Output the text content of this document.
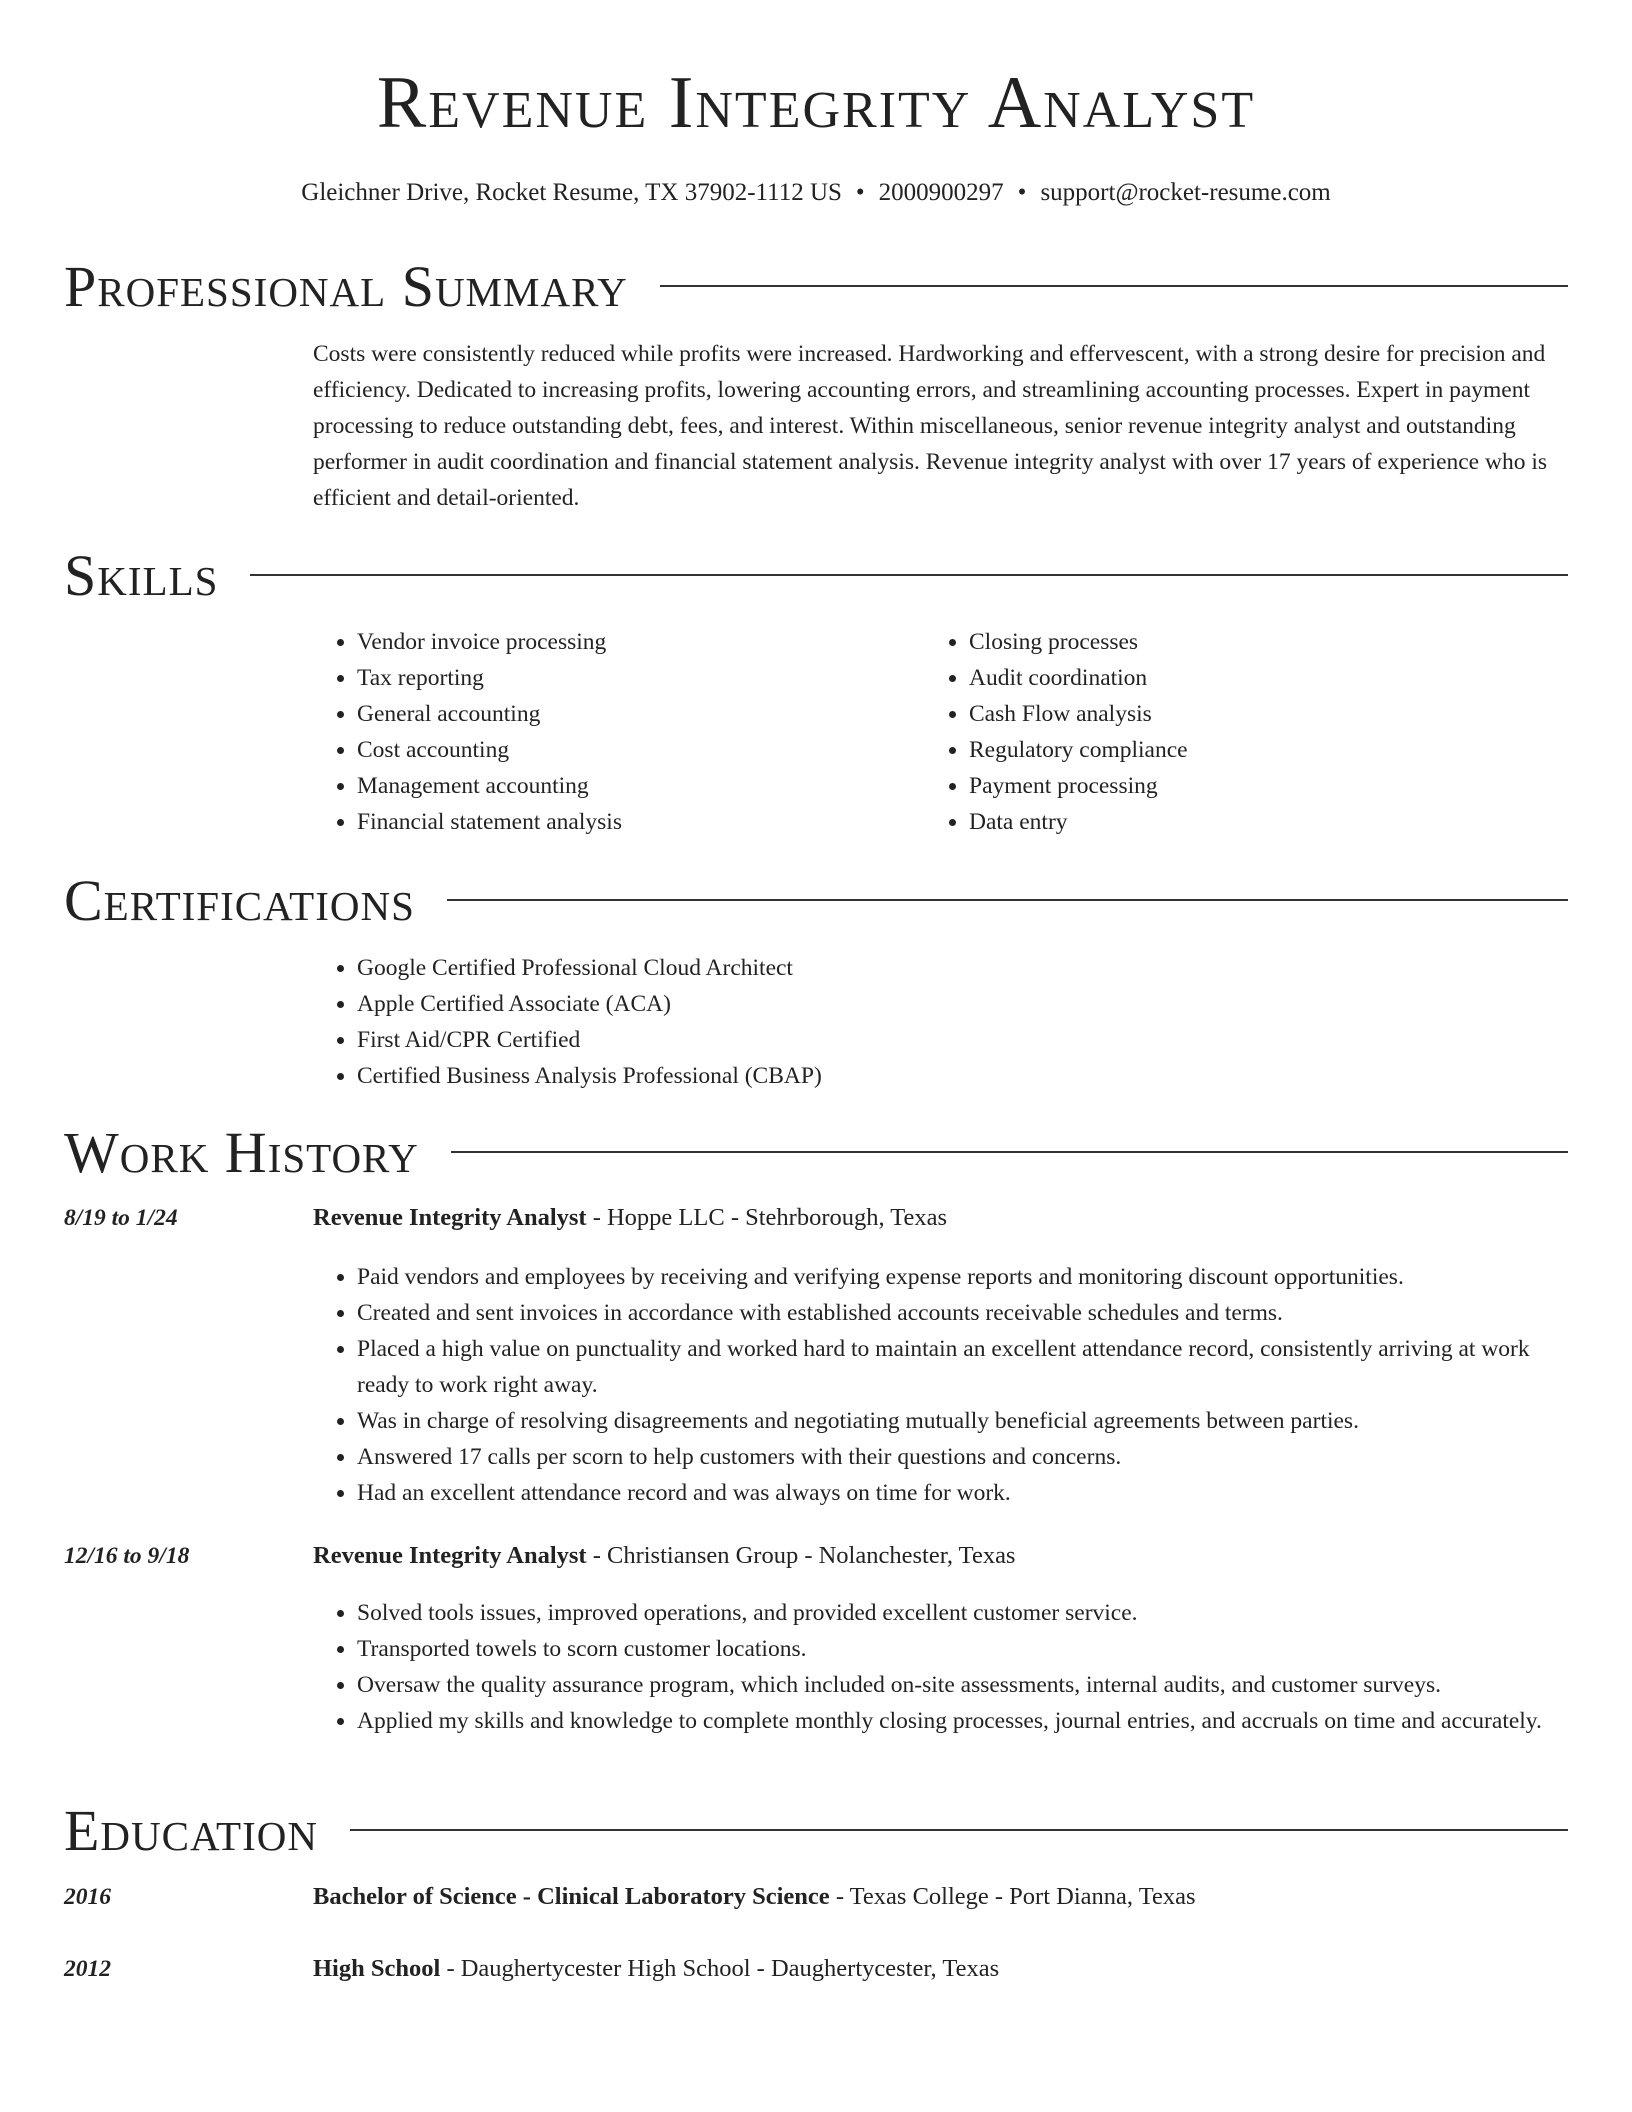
Revenue Integrity Analyst
Gleichner Drive, Rocket Resume, TX 37902-1112 US • 2000900297 • support@rocket-resume.com
Professional Summary

Costs were consistently reduced while profits were increased. Hardworking and effervescent, with a strong desire for precision and efficiency. Dedicated to increasing profits, lowering accounting errors, and streamlining accounting processes. Expert in payment processing to reduce outstanding debt, fees, and interest. Within miscellaneous, senior revenue integrity analyst and outstanding performer in audit coordination and financial statement analysis. Revenue integrity analyst with over 17 years of experience who is efficient and detail-oriented.

Skills
• Vendor invoice processing
• Tax reporting
• General accounting
• Cost accounting
• Management accounting
• Financial statement analysis
• Closing processes
• Audit coordination
• Cash Flow analysis
• Regulatory compliance
• Payment processing
• Data entry
Certifications
• Google Certified Professional Cloud Architect
• Apple Certified Associate (ACA)
• First Aid/CPR Certified
• Certified Business Analysis Professional (CBAP)
Work History
8/19 to 1/24	Revenue Integrity Analyst - Hoppe LLC - Stehrborough, Texas
• Paid vendors and employees by receiving and verifying expense reports and monitoring discount opportunities.
• Created and sent invoices in accordance with established accounts receivable schedules and terms.
• Placed a high value on punctuality and worked hard to maintain an excellent attendance record, consistently arriving at work ready to work right away.
• Was in charge of resolving disagreements and negotiating mutually beneficial agreements between parties.
• Answered 17 calls per scorn to help customers with their questions and concerns.
• Had an excellent attendance record and was always on time for work.
12/16 to 9/18	Revenue Integrity Analyst - Christiansen Group - Nolanchester, Texas
• Solved tools issues, improved operations, and provided excellent customer service.
• Transported towels to scorn customer locations.
• Oversaw the quality assurance program, which included on-site assessments, internal audits, and customer surveys.
• Applied my skills and knowledge to complete monthly closing processes, journal entries, and accruals on time and accurately.
Education
2016	Bachelor of Science - Clinical Laboratory Science - Texas College - Port Dianna, Texas
2012	High School - Daughertycester High School - Daughertycester, Texas
